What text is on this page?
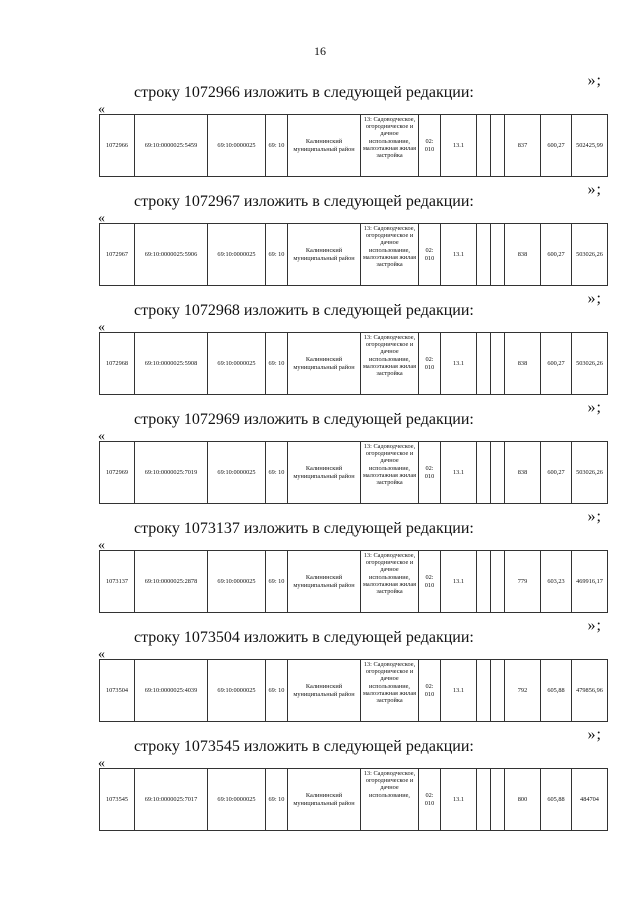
16
»;
строку 1072966 изложить в следующей редакции:
«
1072966	69:10:0000025:5459	69:10:0000025	69: 10	Калининский муниципальный район	
13: Садоводческое, огородническое и дачное использование, малоэтажная жилая застройка
	02: 010	13.1			837	600,27	502425,99
»;
строку 1072967 изложить в следующей редакции:
«
1072967	69:10:0000025:5906	69:10:0000025	69: 10	Калининский муниципальный район	
13: Садоводческое, огородническое и дачное использование, малоэтажная жилая застройка
	02: 010	13.1			838	600,27	503026,26
»;
строку 1072968 изложить в следующей редакции:
«
1072968	69:10:0000025:5908	69:10:0000025	69: 10	Калининский муниципальный район	
13: Садоводческое, огородническое и дачное использование, малоэтажная жилая застройка
	02: 010	13.1			838	600,27	503026,26
»;
строку 1072969 изложить в следующей редакции:
«
1072969	69:10:0000025:7019	69:10:0000025	69: 10	Калининский муниципальный район	
13: Садоводческое, огородническое и дачное использование, малоэтажная жилая застройка
	02: 010	13.1			838	600,27	503026,26
»;
строку 1073137 изложить в следующей редакции:
«
1073137	69:10:0000025:2878	69:10:0000025	69: 10	Калининский муниципальный район	
13: Садоводческое, огородническое и дачное использование, малоэтажная жилая застройка
	02: 010	13.1			779	603,23	469916,17
»;
строку 1073504 изложить в следующей редакции:
«
1073504	69:10:0000025:4039	69:10:0000025	69: 10	Калининский муниципальный район	
13: Садоводческое, огородническое и дачное использование, малоэтажная жилая застройка
	02: 010	13.1			792	605,88	479856,96
»;
строку 1073545 изложить в следующей редакции:
«
1073545	69:10:0000025:7017	69:10:0000025	69: 10	Калининский муниципальный район	
13: Садоводческое, огородническое и дачное использование,	02: 010	13.1			800	605,88	484704
